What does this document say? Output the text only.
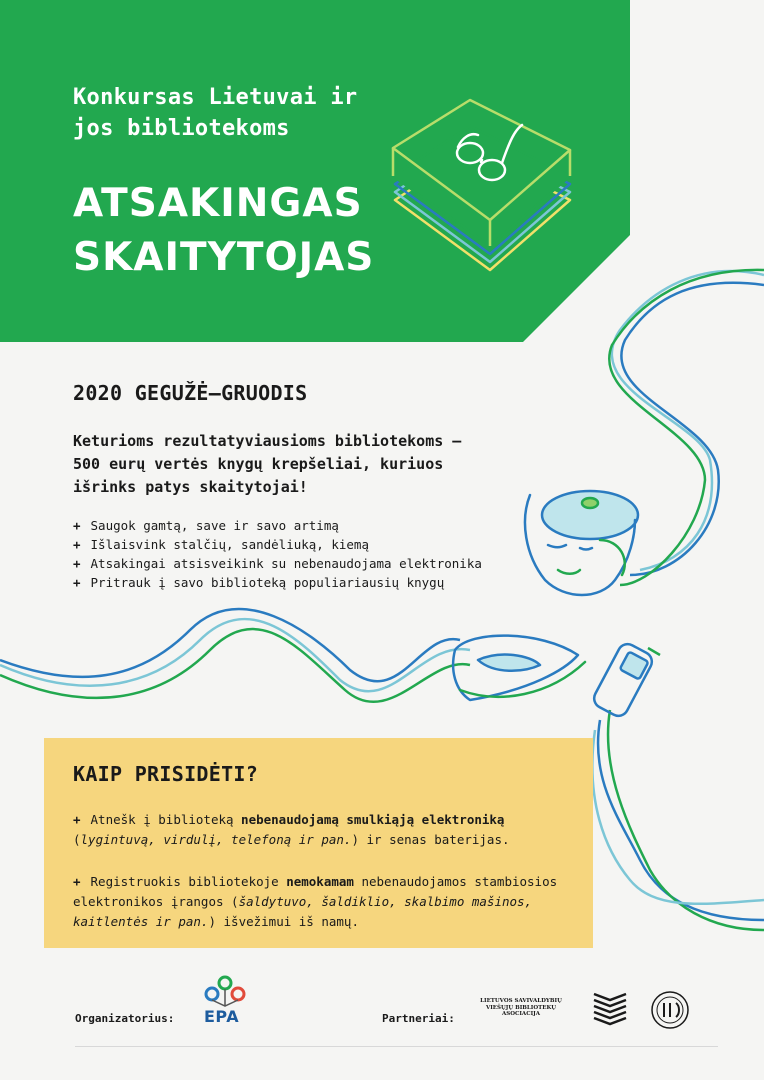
Konkursas Lietuvai ir
jos bibliotekoms
ATSAKINGAS
SKAITYTOJAS
2020 GEGUŽĖ–GRUODIS
Keturioms rezultatyviausioms bibliotekoms –
500 eurų vertės knygų krepšeliai, kuriuos
išrinks patys skaitytojai!
+ Saugok gamtą, save ir savo artimą
+ Išlaisvink stalčių, sandėliuką, kiemą
+ Atsakingai atsisveikink su nebenaudojama elektronika
+ Pritrauk į savo biblioteką populiariausių knygų
KAIP PRISIDĖTI?
+ Atnešk į biblioteką nebenaudojamą smulkiąją elektroniką
(lygintuvą, virdulį, telefoną ir pan.) ir senas baterijas.
+ Registruokis bibliotekoje nemokamam nebenaudojamos stambiosios elektronikos įrangos (šaldytuvo, šaldiklio, skalbimo mašinos, kaitlentės ir pan.) išvežimui iš namų.
Organizatorius: EPA	Partneriai:
LIETUVOS SAVIVALDYBIŲ VIEŠŲJŲ BIBLIOTEKŲ ASOCIACIJA
